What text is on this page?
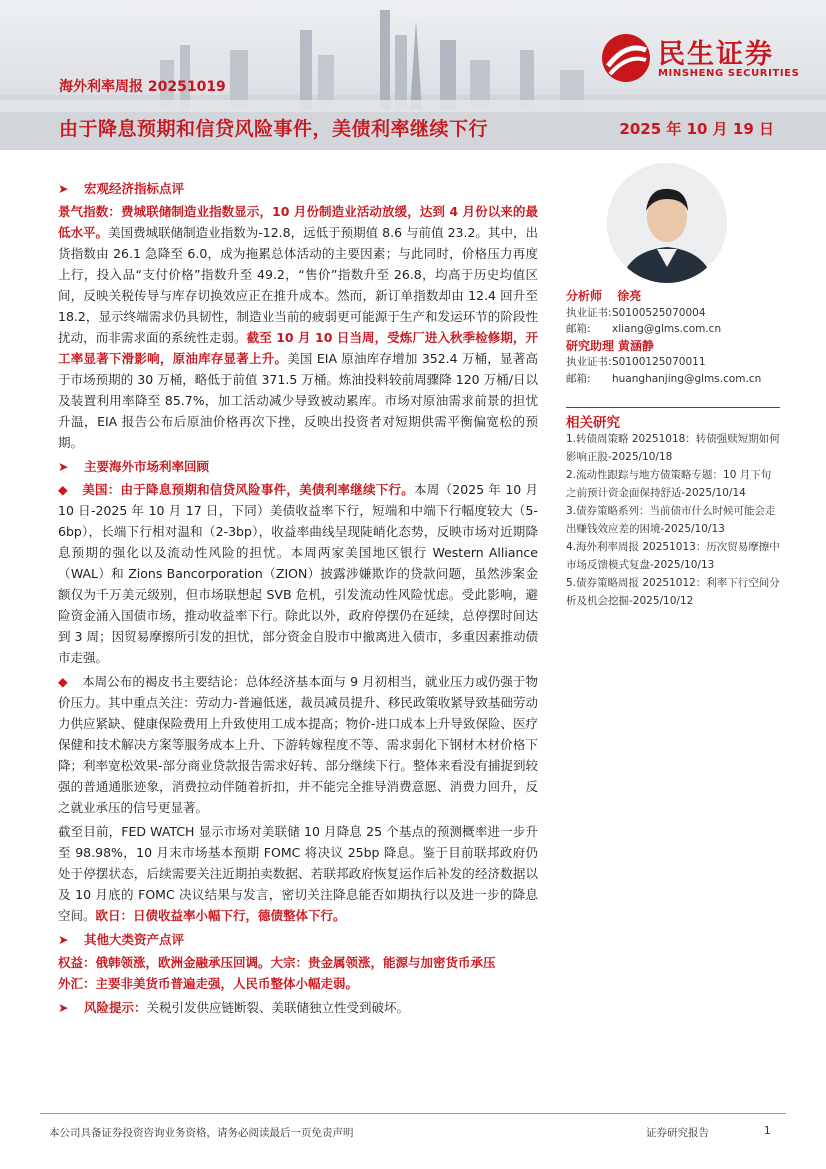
海外利率周报 20251019
由于降息预期和信贷风险事件，美债利率继续下行	2025 年 10 月 19 日
民生证券
MINSHENG SECURITIES

➤ 宏观经济指标点评

景气指数：费城联储制造业指数显示，10 月份制造业活动放缓，达到 4 月份以来的最低水平。美国费城联储制造业指数为-12.8，远低于预期值 8.6 与前值 23.2。其中，出货指数由 26.1 急降至 6.0，成为拖累总体活动的主要因素；与此同时，价格压力再度上行，投入品“支付价格”指数升至 49.2，“售价”指数升至 26.8，均高于历史均值区间，反映关税传导与库存切换效应正在推升成本。然而，新订单指数却由 12.4 回升至 18.2，显示终端需求仍具韧性，制造业当前的疲弱更可能源于生产和发运环节的阶段性扰动，而非需求面的系统性走弱。截至 10 月 10 日当周，受炼厂进入秋季检修期，开工率显著下滑影响，原油库存显著上升。美国 EIA 原油库存增加 352.4 万桶，显著高于市场预期的 30 万桶，略低于前值 371.5 万桶。炼油投料较前周骤降 120 万桶/日以及装置利用率降至 85.7%，加工活动减少导致被动累库。市场对原油需求前景的担忧升温，EIA 报告公布后原油价格再次下挫，反映出投资者对短期供需平衡偏宽松的预期。

➤ 主要海外市场利率回顾

◆ 美国：由于降息预期和信贷风险事件，美债利率继续下行。本周（2025 年 10 月 10 日-2025 年 10 月 17 日，下同）美债收益率下行，短端和中端下行幅度较大（5-6bp），长端下行相对温和（2-3bp），收益率曲线呈现陡峭化态势，反映市场对近期降息预期的强化以及流动性风险的担忧。本周两家美国地区银行 Western Alliance（WAL）和 Zions Bancorporation（ZION）披露涉嫌欺诈的贷款问题，虽然涉案金额仅为千万美元级别，但市场联想起 SVB 危机，引发流动性风险忧虑。受此影响，避险资金涌入国债市场，推动收益率下行。除此以外，政府停摆仍在延续，总停摆时间达到 3 周；因贸易摩擦所引发的担忧，部分资金自股市中撤离进入债市，多重因素推动债市走强。

◆ 本周公布的褐皮书主要结论：总体经济基本面与 9 月初相当，就业压力或仍强于物价压力。其中重点关注：劳动力-普遍低迷，裁员减员提升、移民政策收紧导致基础劳动力供应紧缺、健康保险费用上升致使用工成本提高；物价-进口成本上升导致保险、医疗保健和技术解决方案等服务成本上升、下游转嫁程度不等、需求弱化下钢材木材价格下降；利率宽松效果-部分商业贷款报告需求好转、部分继续下行。整体来看没有捕捉到较强的普通通胀迹象，消费拉动伴随着折扣，并不能完全推导消费意愿、消费力回升，反之就业承压的信号更显著。

截至目前，FED WATCH 显示市场对美联储 10 月降息 25 个基点的预测概率进一步升至 98.98%，10 月末市场基本预期 FOMC 将决议 25bp 降息。鉴于目前联邦政府仍处于停摆状态，后续需要关注近期拍卖数据、若联邦政府恢复运作后补发的经济数据以及 10 月底的 FOMC 决议结果与发言，密切关注降息能否如期执行以及进一步的降息空间。欧日：日债收益率小幅下行，德债整体下行。

➤ 其他大类资产点评

权益：俄韩领涨，欧洲金融承压回调。大宗：贵金属领涨，能源与加密货币承压

外汇：主要非美货币普遍走强，人民币整体小幅走弱。

➤ 风险提示：关税引发供应链断裂、美联储独立性受到破坏。

分析师 徐亮
执业证书:S0100525070004
邮箱: xliang@glms.com.cn
研究助理 黄涵静
执业证书:S0100125070011
邮箱: huanghanjing@glms.com.cn
相关研究
1.转债周策略 20251018：转债强赎短期如何影响正股-2025/10/18
2.流动性跟踪与地方债策略专题：10 月下旬之前预计资金面保持舒适-2025/10/14
3.债券策略系列：当前债市什么时候可能会走出赚钱效应差的困境-2025/10/13
4.海外利率周报 20251013：历次贸易摩擦中市场反馈模式复盘-2025/10/13
5.债券策略周报 20251012：利率下行空间分析及机会挖掘-2025/10/12
本公司具备证券投资咨询业务资格，请务必阅读最后一页免责声明	证券研究报告	1
